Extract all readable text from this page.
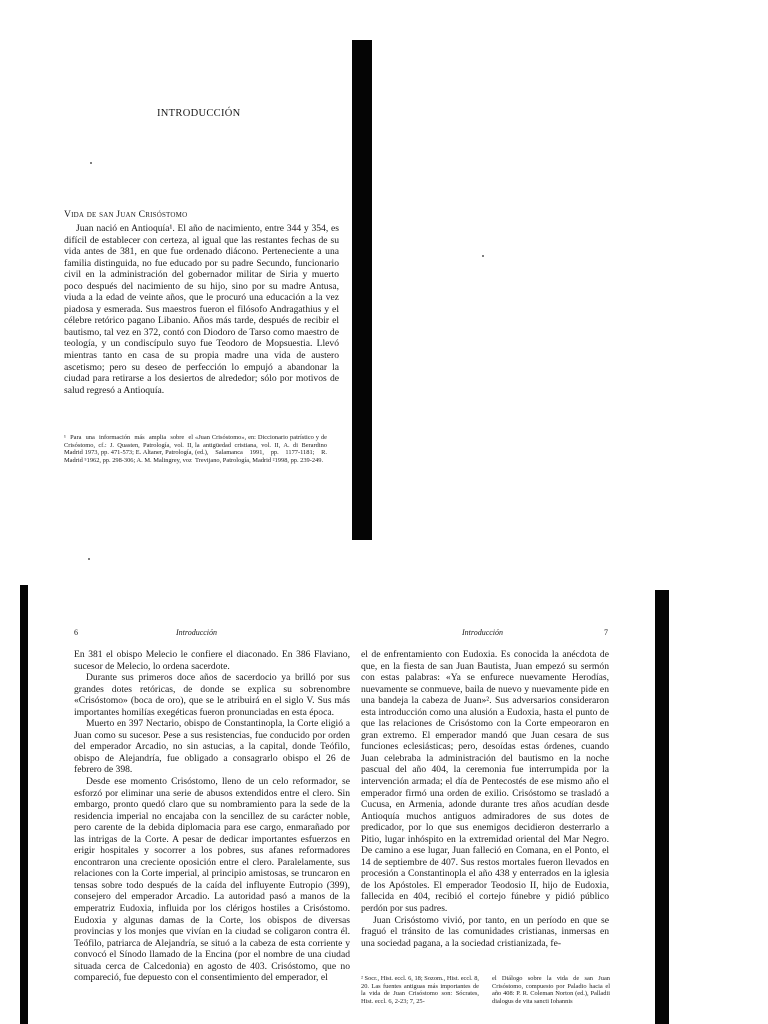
INTRODUCCIÓN
Vida de san Juan Crisóstomo

Juan nació en Antioquía¹. El año de nacimiento, entre 344 y 354, es difícil de establecer con certeza, al igual que las restantes fechas de su vida antes de 381, en que fue ordenado diácono. Perteneciente a una familia distinguida, no fue educado por su padre Secundo, funcionario civil en la administración del gobernador militar de Siria y muerto poco después del nacimiento de su hijo, sino por su madre Antusa, viuda a la edad de veinte años, que le procuró una educación a la vez piadosa y esmerada. Sus maestros fueron el filósofo Andragathius y el célebre retórico pagano Libanio. Años más tarde, después de recibir el bautismo, tal vez en 372, contó con Diodoro de Tarso como maestro de teología, y un condiscípulo suyo fue Teodoro de Mopsuestia. Llevó mientras tanto en casa de su propia madre una vida de austero ascetismo; pero su deseo de perfección lo empujó a abandonar la ciudad para retirarse a los desiertos de alrededor; sólo por motivos de salud regresó a Antioquía.

¹ Para una información más amplia sobre el Crisóstomo, cf.: J. Quasten, Patrología, vol. II, Madrid 1973, pp. 471-573; E. Altaner, Patrología, Madrid ⁵1962, pp. 298-306; A. M. Malingrey, voz
«Juan Crisóstomo», en: Diccionario patrístico y de la antigüedad cristiana, vol. II, A. di Berardino (ed.), Salamanca 1991, pp. 1177-1181; R. Trevijano, Patrología, Madrid ²1998, pp. 239-249.
6	Introducción

En 381 el obispo Melecio le confiere el diaconado. En 386 Flaviano, sucesor de Melecio, lo ordena sacerdote.

Durante sus primeros doce años de sacerdocio ya brilló por sus grandes dotes retóricas, de donde se explica su sobrenombre «Crisóstomo» (boca de oro), que se le atribuirá en el siglo V. Sus más importantes homilías exegéticas fueron pronunciadas en esta época.

Muerto en 397 Nectario, obispo de Constantinopla, la Corte eligió a Juan como su sucesor. Pese a sus resistencias, fue conducido por orden del emperador Arcadio, no sin astucias, a la capital, donde Teófilo, obispo de Alejandría, fue obligado a consagrarlo obispo el 26 de febrero de 398.

Desde ese momento Crisóstomo, lleno de un celo reformador, se esforzó por eliminar una serie de abusos extendidos entre el clero. Sin embargo, pronto quedó claro que su nombramiento para la sede de la residencia imperial no encajaba con la sencillez de su carácter noble, pero carente de la debida diplomacia para ese cargo, enmarañado por las intrigas de la Corte. A pesar de dedicar importantes esfuerzos en erigir hospitales y socorrer a los pobres, sus afanes reformadores encontraron una creciente oposición entre el clero. Paralelamente, sus relaciones con la Corte imperial, al principio amistosas, se truncaron en tensas sobre todo después de la caída del influyente Eutropio (399), consejero del emperador Arcadio. La autoridad pasó a manos de la emperatriz Eudoxia, influida por los clérigos hostiles a Crisóstomo. Eudoxia y algunas damas de la Corte, los obispos de diversas provincias y los monjes que vivían en la ciudad se coligaron contra él. Teófilo, patriarca de Alejandría, se situó a la cabeza de esta corriente y convocó el Sínodo llamado de la Encina (por el nombre de una ciudad situada cerca de Calcedonia) en agosto de 403. Crisóstomo, que no compareció, fue depuesto con el consentimiento del emperador, el

Introducción	7

el de enfrentamiento con Eudoxia. Es conocida la anécdota de que, en la fiesta de san Juan Bautista, Juan empezó su sermón con estas palabras: «Ya se enfurece nuevamente Herodías, nuevamente se conmueve, baila de nuevo y nuevamente pide en una bandeja la cabeza de Juan»². Sus adversarios consideraron esta introducción como una alusión a Eudoxia, hasta el punto de que las relaciones de Crisóstomo con la Corte empeoraron en gran extremo. El emperador mandó que Juan cesara de sus funciones eclesiásticas; pero, desoídas estas órdenes, cuando Juan celebraba la administración del bautismo en la noche pascual del año 404, la ceremonia fue interrumpida por la intervención armada; el día de Pentecostés de ese mismo año el emperador firmó una orden de exilio. Crisóstomo se trasladó a Cucusa, en Armenia, adonde durante tres años acudían desde Antioquía muchos antiguos admiradores de sus dotes de predicador, por lo que sus enemigos decidieron desterrarlo a Pitio, lugar inhóspito en la extremidad oriental del Mar Negro. De camino a ese lugar, Juan falleció en Comana, en el Ponto, el 14 de septiembre de 407. Sus restos mortales fueron llevados en procesión a Constantinopla el año 438 y enterrados en la iglesia de los Apóstoles. El emperador Teodosio II, hijo de Eudoxia, fallecida en 404, recibió el cortejo fúnebre y pidió público perdón por sus padres.

Juan Crisóstomo vivió, por tanto, en un período en que se fraguó el tránsito de las comunidades cristianas, inmersas en una sociedad pagana, a la sociedad cristianizada, fe-

² Socr., Hist. eccl. 6, 18; Sozom., Hist. eccl. 8, 20. Las fuentes antiguas más importantes de la vida de Juan Crisóstomo son: Sócrates, Hist. eccl. 6, 2-23; 7, 25-
el Diálogo sobre la vida de san Juan Crisóstomo, compuesto por Paladio hacia el año 408: P. R. Coleman Norton (ed.), Palladii dialogus de vita sancti Iohannis
